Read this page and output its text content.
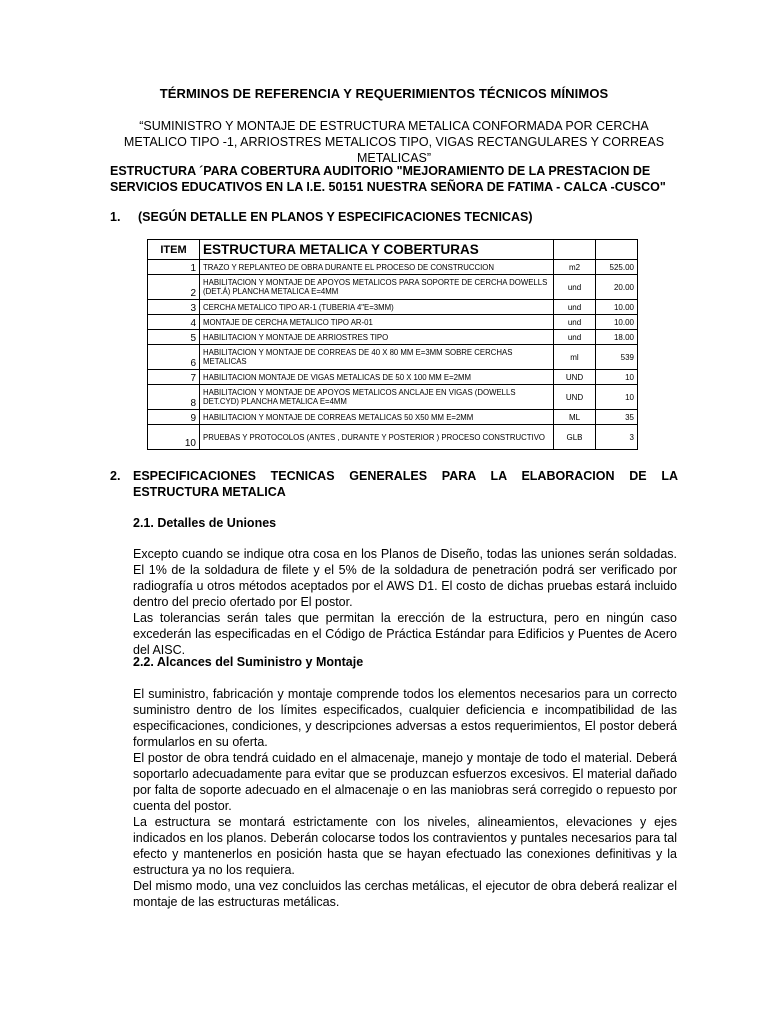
TÉRMINOS DE REFERENCIA Y REQUERIMIENTOS TÉCNICOS MÍNIMOS
“SUMINISTRO Y MONTAJE DE ESTRUCTURA METALICA CONFORMADA POR CERCHA METALICO TIPO -1, ARRIOSTRES METALICOS TIPO, VIGAS RECTANGULARES Y CORREAS METALICAS”
ESTRUCTURA ´PARA COBERTURA AUDITORIO "MEJORAMIENTO DE LA PRESTACION DE SERVICIOS EDUCATIVOS EN LA I.E. 50151 NUESTRA SEÑORA DE FATIMA - CALCA -CUSCO"
1. (SEGÚN DETALLE EN PLANOS Y ESPECIFICACIONES TECNICAS)
ITEM	ESTRUCTURA METALICA Y COBERTURAS		
1	TRAZO Y REPLANTEO DE OBRA DURANTE EL PROCESO DE CONSTRUCCION	m2	525.00
2	HABILITACION Y MONTAJE DE APOYOS METALICOS PARA SOPORTE DE CERCHA DOWELLS (DET.Á) PLANCHA METALICA E=4MM	und	20.00
3	CERCHA METALICO TIPO AR-1 (TUBERIA 4"E=3MM)	und	10.00
4	MONTAJE DE CERCHA METALICO TIPO AR-01	und	10.00
5	HABILITACION Y MONTAJE DE ARRIOSTRES TIPO	und	18.00
6	HABILITACION Y MONTAJE DE CORREAS DE 40 X 80 MM E=3MM SOBRE CERCHAS METALICAS	ml	539
7	HABILITACION MONTAJE DE VIGAS METALICAS DE 50 X 100 MM E=2MM	UND	10
8	HABILITACION Y MONTAJE DE APOYOS METALICOS ANCLAJE EN VIGAS (DOWELLS DET.CYD) PLANCHA METALICA E=4MM	UND	10
9	HABILITACION Y MONTAJE DE CORREAS METALICAS 50 X50 MM E=2MM	ML	35
10	PRUEBAS Y PROTOCOLOS (ANTES , DURANTE Y POSTERIOR ) PROCESO CONSTRUCTIVO	GLB	3
2. ESPECIFICACIONES TECNICAS GENERALES PARA LA ELABORACION DE LA ESTRUCTURA METALICA
2.1. Detalles de Uniones

Excepto cuando se indique otra cosa en los Planos de Diseño, todas las uniones serán soldadas. El 1% de la soldadura de filete y el 5% de la soldadura de penetración podrá ser verificado por radiografía u otros métodos aceptados por el AWS D1. El costo de dichas pruebas estará incluido dentro del precio ofertado por El postor.

Las tolerancias serán tales que permitan la erección de la estructura, pero en ningún caso excederán las especificadas en el Código de Práctica Estándar para Edificios y Puentes de Acero del AISC.

2.2. Alcances del Suministro y Montaje

El suministro, fabricación y montaje comprende todos los elementos necesarios para un correcto suministro dentro de los límites especificados, cualquier deficiencia e incompatibilidad de las especificaciones, condiciones, y descripciones adversas a estos requerimientos, El postor deberá formularlos en su oferta.

El postor de obra tendrá cuidado en el almacenaje, manejo y montaje de todo el material. Deberá soportarlo adecuadamente para evitar que se produzcan esfuerzos excesivos. El material dañado por falta de soporte adecuado en el almacenaje o en las maniobras será corregido o repuesto por cuenta del postor.

La estructura se montará estrictamente con los niveles, alineamientos, elevaciones y ejes indicados en los planos. Deberán colocarse todos los contravientos y puntales necesarios para tal efecto y mantenerlos en posición hasta que se hayan efectuado las conexiones definitivas y la estructura ya no los requiera.

Del mismo modo, una vez concluidos las cerchas metálicas, el ejecutor de obra deberá realizar el montaje de las estructuras metálicas.
